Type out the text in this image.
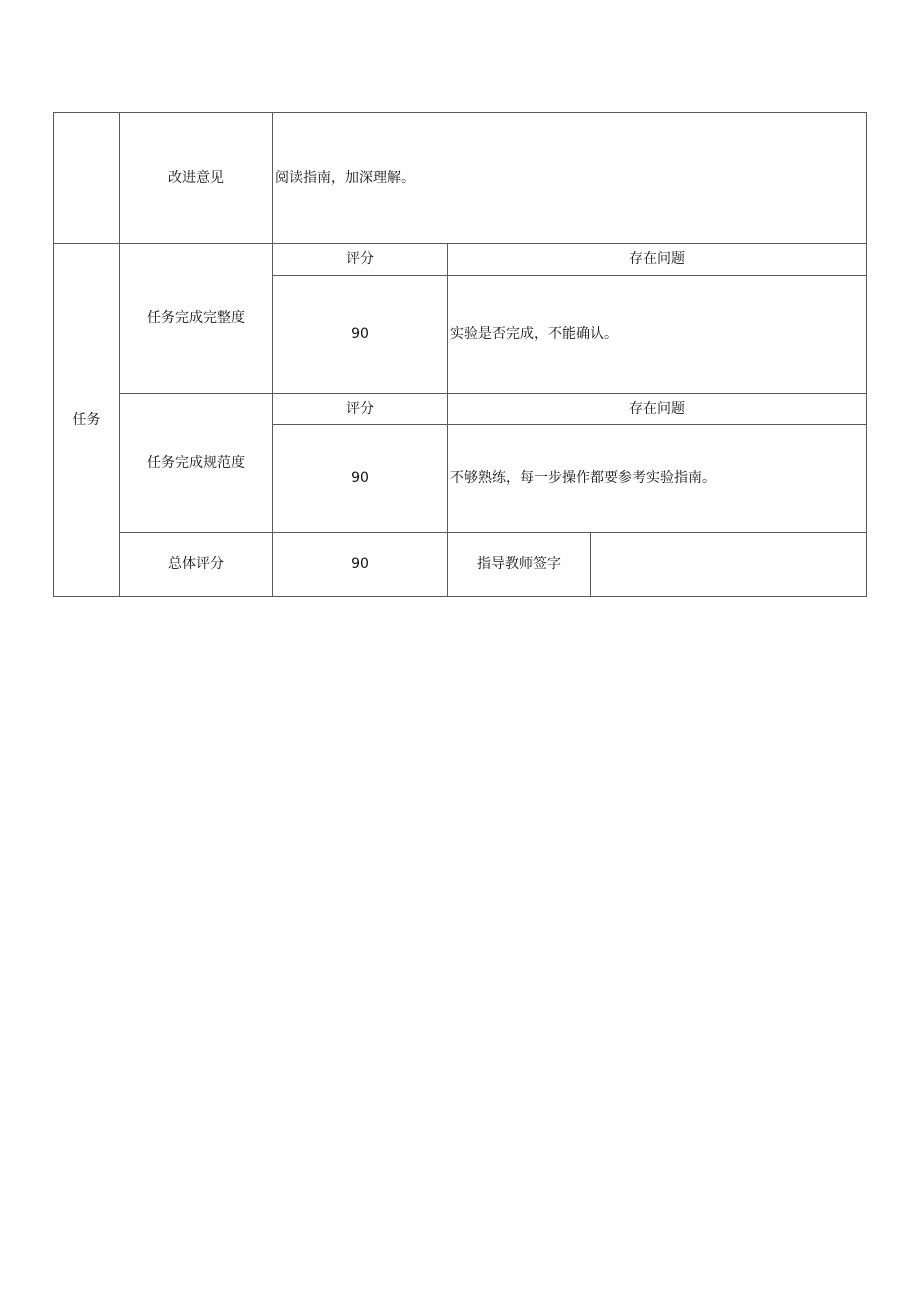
	改进意见	阅读指南，加深理解。		
任务	任务完成完整度	评分	存在问题	
		90	实验是否完成，不能确认。	
	任务完成规范度	评分	存在问题	
		90	不够熟练，每一步操作都要参考实验指南。	
	总体评分	90	指导教师签字	
